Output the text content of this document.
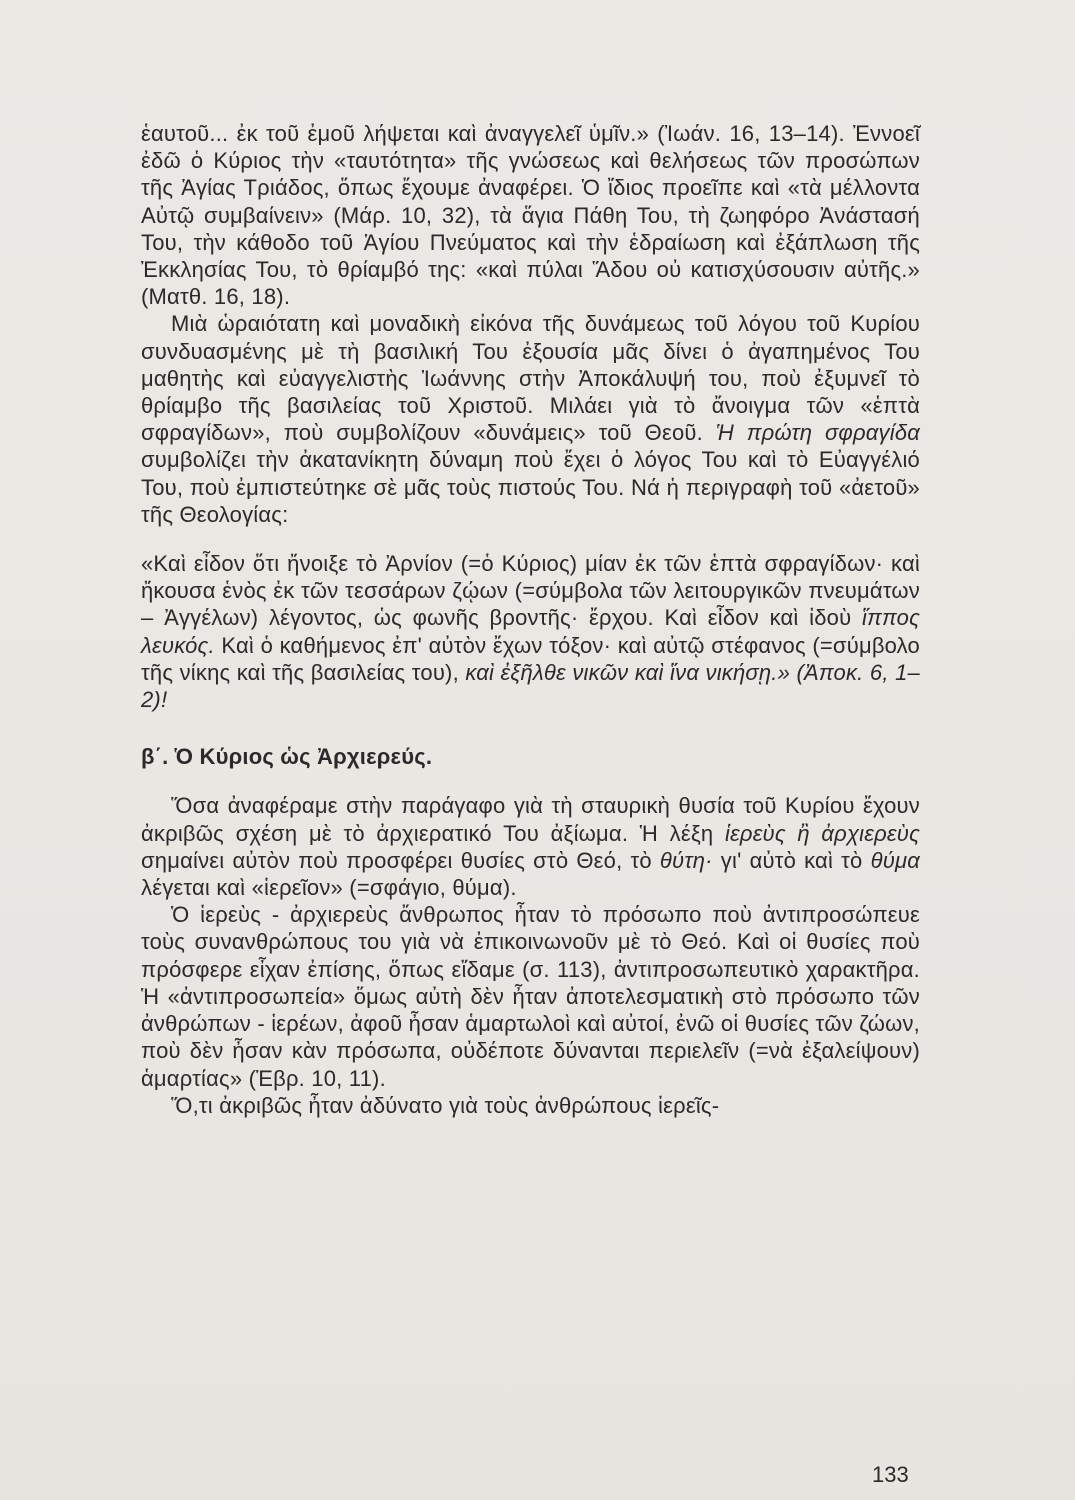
ἑαυτοῦ... ἐκ τοῦ ἐμοῦ λήψεται καὶ ἀναγγελεῖ ὑμῖν.» (Ἰωάν. 16, 13–14). Ἐννοεῖ ἐδῶ ὁ Κύριος τὴν «ταυτότητα» τῆς γνώσεως καὶ θελήσεως τῶν προσώπων τῆς Ἁγίας Τριάδος, ὅπως ἔχουμε ἀναφέρει. Ὁ ἴδιος προεῖπε καὶ «τὰ μέλλοντα Αὐτῷ συμβαίνειν» (Μάρ. 10, 32), τὰ ἅγια Πάθη Του, τὴ ζωηφόρο Ἀνάστασή Του, τὴν κάθοδο τοῦ Ἁγίου Πνεύματος καὶ τὴν ἑδραίωση καὶ ἐξάπλωση τῆς Ἐκκλησίας Του, τὸ θρίαμβό της: «καὶ πύλαι Ἅδου οὐ κατισχύσουσιν αὐτῆς.» (Ματθ. 16, 18).

Μιὰ ὡραιότατη καὶ μοναδικὴ εἰκόνα τῆς δυνάμεως τοῦ λόγου τοῦ Κυρίου συνδυασμένης μὲ τὴ βασιλική Του ἐξουσία μᾶς δίνει ὁ ἀγαπημένος Του μαθητὴς καὶ εὐαγγελιστὴς Ἰωάννης στὴν Ἀποκάλυψή του, ποὺ ἐξυμνεῖ τὸ θρίαμβο τῆς βασιλείας τοῦ Χριστοῦ. Μιλάει γιὰ τὸ ἄνοιγμα τῶν «ἑπτὰ σφραγίδων», ποὺ συμβολίζουν «δυνάμεις» τοῦ Θεοῦ. Ἡ πρώτη σφραγίδα συμβολίζει τὴν ἀκατανίκητη δύναμη ποὺ ἔχει ὁ λόγος Του καὶ τὸ Εὐαγγέλιό Του, ποὺ ἐμπιστεύτηκε σὲ μᾶς τοὺς πιστούς Του. Νά ἡ περιγραφὴ τοῦ «ἀετοῦ» τῆς Θεολογίας:

«Καὶ εἶδον ὅτι ἤνοιξε τὸ Ἀρνίον (=ὁ Κύριος) μίαν ἐκ τῶν ἑπτὰ σφραγίδων· καὶ ἤκουσα ἑνὸς ἐκ τῶν τεσσάρων ζῴων (=σύμβολα τῶν λειτουργικῶν πνευμάτων – Ἀγγέλων) λέγοντος, ὡς φωνῆς βροντῆς· ἔρχου. Καὶ εἶδον καὶ ἰδοὺ ἵππος λευκός. Καὶ ὁ καθήμενος ἐπ' αὐτὸν ἔχων τόξον· καὶ αὐτῷ στέφανος (=σύμβολο τῆς νίκης καὶ τῆς βασιλείας του), καὶ ἐξῆλθε νικῶν καὶ ἵνα νικήσῃ.» (Ἀποκ. 6, 1–2)!

β΄. Ὁ Κύριος ὡς Ἀρχιερεύς.

Ὅσα ἀναφέραμε στὴν παράγαφο γιὰ τὴ σταυρικὴ θυσία τοῦ Κυρίου ἔχουν ἀκριβῶς σχέση μὲ τὸ ἀρχιερατικό Του ἀξίωμα. Ἡ λέξη ἱερεὺς ἢ ἀρχιερεὺς σημαίνει αὐτὸν ποὺ προσφέρει θυσίες στὸ Θεό, τὸ θύτη· γι' αὐτὸ καὶ τὸ θύμα λέγεται καὶ «ἱερεῖον» (=σφάγιο, θύμα).

Ὁ ἱερεὺς - ἀρχιερεὺς ἄνθρωπος ἦταν τὸ πρόσωπο ποὺ ἀντιπροσώπευε τοὺς συνανθρώπους του γιὰ νὰ ἐπικοινωνοῦν μὲ τὸ Θεό. Καὶ οἱ θυσίες ποὺ πρόσφερε εἶχαν ἐπίσης, ὅπως εἴδαμε (σ. 113), ἀντιπροσωπευτικὸ χαρακτῆρα. Ἡ «ἀντιπροσωπεία» ὅμως αὐτὴ δὲν ἦταν ἀποτελεσματικὴ στὸ πρόσωπο τῶν ἀνθρώπων - ἱερέων, ἀφοῦ ἦσαν ἁμαρτωλοὶ καὶ αὐτοί, ἐνῶ οἱ θυσίες τῶν ζώων, ποὺ δὲν ἦσαν κὰν πρόσωπα, οὐδέποτε δύνανται περιελεῖν (=νὰ ἐξαλείψουν) ἁμαρτίας» (Ἑβρ. 10, 11).

Ὅ,τι ἀκριβῶς ἦταν ἀδύνατο γιὰ τοὺς ἀνθρώπους ἱερεῖς-

133
